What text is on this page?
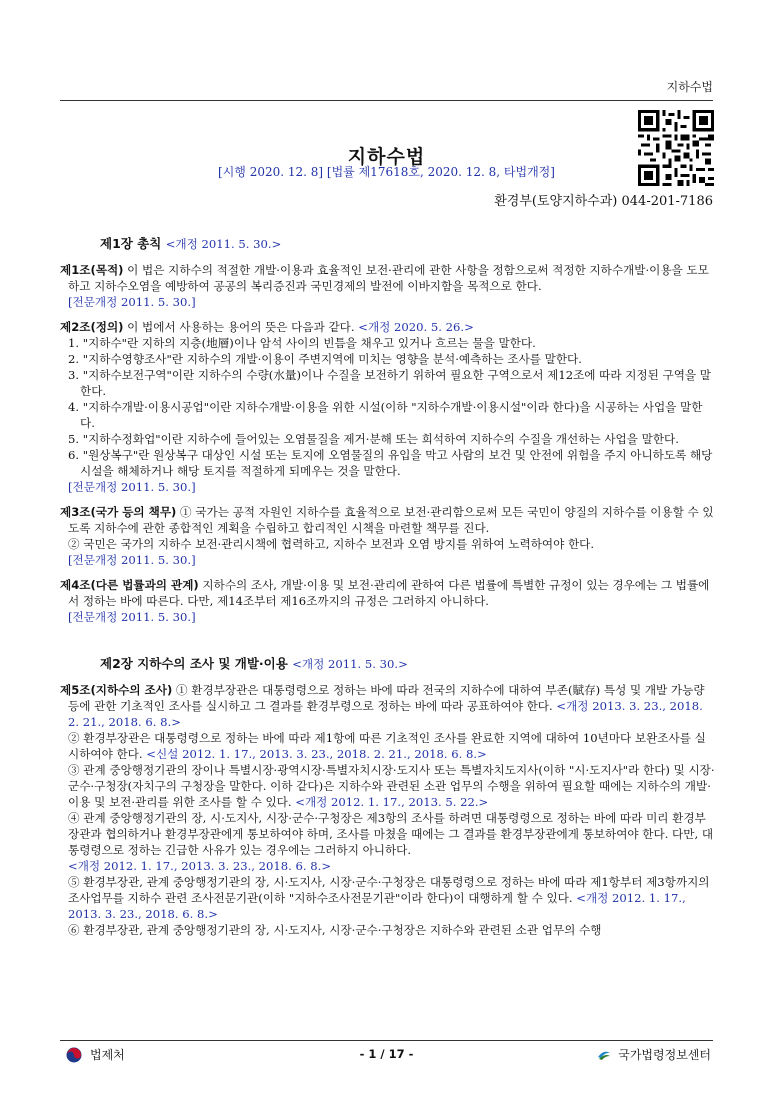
지하수법
지하수법
[시행 2020. 12. 8] [법률 제17618호, 2020. 12. 8, 타법개정]
환경부(토양지하수과) 044-201-7186
제1장 총칙 <개정 2011. 5. 30.>
제1조(목적) 이 법은 지하수의 적절한 개발·이용과 효율적인 보전·관리에 관한 사항을 정함으로써 적정한 지하수개발·이용을 도모하고 지하수오염을 예방하여 공공의 복리증진과 국민경제의 발전에 이바지함을 목적으로 한다.
[전문개정 2011. 5. 30.]
제2조(정의) 이 법에서 사용하는 용어의 뜻은 다음과 같다. <개정 2020. 5. 26.>
1. "지하수"란 지하의 지층(地層)이나 암석 사이의 빈틈을 채우고 있거나 흐르는 물을 말한다.
2. "지하수영향조사"란 지하수의 개발·이용이 주변지역에 미치는 영향을 분석·예측하는 조사를 말한다.
3. "지하수보전구역"이란 지하수의 수량(水量)이나 수질을 보전하기 위하여 필요한 구역으로서 제12조에 따라 지정된 구역을 말한다.
4. "지하수개발·이용시공업"이란 지하수개발·이용을 위한 시설(이하 "지하수개발·이용시설"이라 한다)을 시공하는 사업을 말한다.
5. "지하수정화업"이란 지하수에 들어있는 오염물질을 제거·분해 또는 희석하여 지하수의 수질을 개선하는 사업을 말한다.
6. "원상복구"란 원상복구 대상인 시설 또는 토지에 오염물질의 유입을 막고 사람의 보건 및 안전에 위험을 주지 아니하도록 해당 시설을 해체하거나 해당 토지를 적절하게 되메우는 것을 말한다.
[전문개정 2011. 5. 30.]
제3조(국가 등의 책무) ① 국가는 공적 자원인 지하수를 효율적으로 보전·관리함으로써 모든 국민이 양질의 지하수를 이용할 수 있도록 지하수에 관한 종합적인 계획을 수립하고 합리적인 시책을 마련할 책무를 진다.
② 국민은 국가의 지하수 보전·관리시책에 협력하고, 지하수 보전과 오염 방지를 위하여 노력하여야 한다.
[전문개정 2011. 5. 30.]
제4조(다른 법률과의 관계) 지하수의 조사, 개발·이용 및 보전·관리에 관하여 다른 법률에 특별한 규정이 있는 경우에는 그 법률에서 정하는 바에 따른다. 다만, 제14조부터 제16조까지의 규정은 그러하지 아니하다.
[전문개정 2011. 5. 30.]
제2장 지하수의 조사 및 개발·이용 <개정 2011. 5. 30.>
제5조(지하수의 조사) ① 환경부장관은 대통령령으로 정하는 바에 따라 전국의 지하수에 대하여 부존(賦存) 특성 및 개발 가능량 등에 관한 기초적인 조사를 실시하고 그 결과를 환경부령으로 정하는 바에 따라 공표하여야 한다. <개정 2013. 3. 23., 2018. 2. 21., 2018. 6. 8.>
② 환경부장관은 대통령령으로 정하는 바에 따라 제1항에 따른 기초적인 조사를 완료한 지역에 대하여 10년마다 보완조사를 실시하여야 한다. <신설 2012. 1. 17., 2013. 3. 23., 2018. 2. 21., 2018. 6. 8.>
③ 관계 중앙행정기관의 장이나 특별시장·광역시장·특별자치시장·도지사 또는 특별자치도지사(이하 "시·도지사"라 한다) 및 시장·군수·구청장(자치구의 구청장을 말한다. 이하 같다)은 지하수와 관련된 소관 업무의 수행을 위하여 필요할 때에는 지하수의 개발·이용 및 보전·관리를 위한 조사를 할 수 있다. <개정 2012. 1. 17., 2013. 5. 22.>
④ 관계 중앙행정기관의 장, 시·도지사, 시장·군수·구청장은 제3항의 조사를 하려면 대통령령으로 정하는 바에 따라 미리 환경부장관과 협의하거나 환경부장관에게 통보하여야 하며, 조사를 마쳤을 때에는 그 결과를 환경부장관에게 통보하여야 한다. 다만, 대통령령으로 정하는 긴급한 사유가 있는 경우에는 그러하지 아니하다.
<개정 2012. 1. 17., 2013. 3. 23., 2018. 6. 8.>
⑤ 환경부장관, 관계 중앙행정기관의 장, 시·도지사, 시장·군수·구청장은 대통령령으로 정하는 바에 따라 제1항부터 제3항까지의 조사업무를 지하수 관련 조사전문기관(이하 "지하수조사전문기관"이라 한다)이 대행하게 할 수 있다. <개정 2012. 1. 17., 2013. 3. 23., 2018. 6. 8.>
⑥ 환경부장관, 관계 중앙행정기관의 장, 시·도지사, 시장·군수·구청장은 지하수와 관련된 소관 업무의 수행
법제처	- 1 / 17 -	국가법령정보센터
